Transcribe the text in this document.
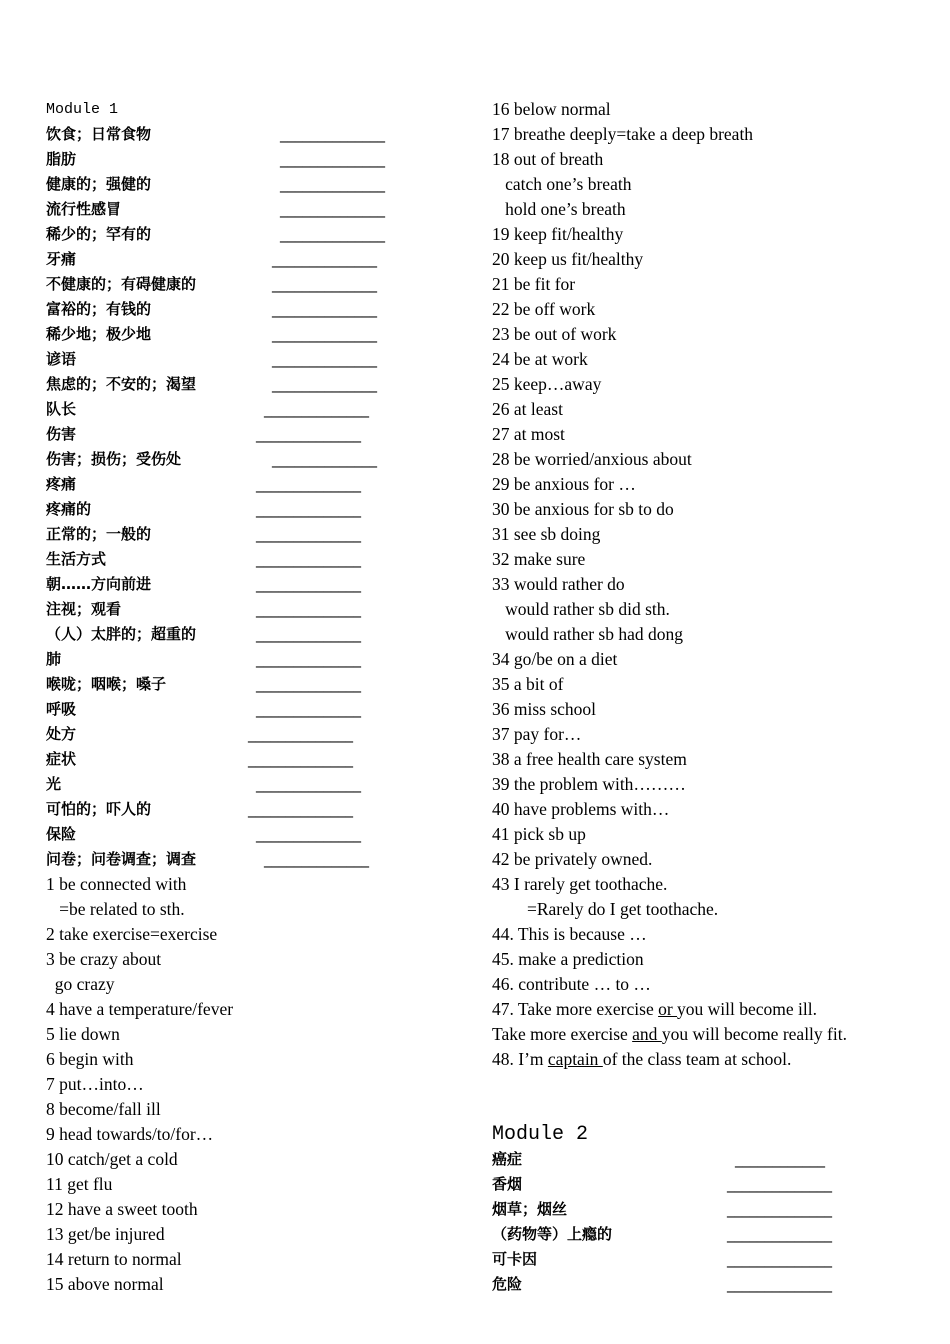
Module 1
饮食；日常食物	______________
脂肪	______________
健康的；强健的	______________
流行性感冒	______________
稀少的；罕有的	______________
牙痛	______________
不健康的；有碍健康的	______________
富裕的；有钱的	______________
稀少地；极少地	______________
谚语	______________
焦虑的；不安的；渴望	______________
队长	______________
伤害	______________
伤害；损伤；受伤处	______________
疼痛	______________
疼痛的	______________
正常的；一般的	______________
生活方式	______________
朝……方向前进	______________
注视；观看	______________
（人）太胖的；超重的	______________
肺	______________
喉咙；咽喉；嗓子	______________
呼吸	______________
处方	______________
症状	______________
光	______________
可怕的；吓人的	______________
保险	______________
问卷；问卷调查；调查	______________
1 be connected with
=be related to sth.
2 take exercise=exercise
3 be crazy about
go crazy
4 have a temperature/fever
5 lie down
6 begin with
7 put…into…
8 become/fall ill
9 head towards/to/for…
10 catch/get a cold
11 get flu
12 have a sweet tooth
13 get/be injured
14 return to normal
15 above normal
16 below normal
17 breathe deeply=take a deep breath
18 out of breath
catch one’s breath
hold one’s breath
19 keep fit/healthy
20 keep us fit/healthy
21 be fit for
22 be off work
23 be out of work
24 be at work
25 keep…away
26 at least
27 at most
28 be worried/anxious about
29 be anxious for …
30 be anxious for sb to do
31 see sb doing
32 make sure
33 would rather do
would rather sb did sth.
would rather sb had dong
34 go/be on a diet
35 a bit of
36 miss school
37 pay for…
38 a free health care system
39 the problem with………
40 have problems with…
41 pick sb up
42 be privately owned.
43 I rarely get toothache.
=Rarely do I get toothache.
44. This is because …
45. make a prediction
46. contribute … to …
47. Take more exercise or you will become ill.
Take more exercise and you will become really fit.
48. I’m captain of the class team at school.
Module 2
癌症	____________
香烟	______________
烟草；烟丝	______________
（药物等）上瘾的	______________
可卡因	______________
危险	______________
